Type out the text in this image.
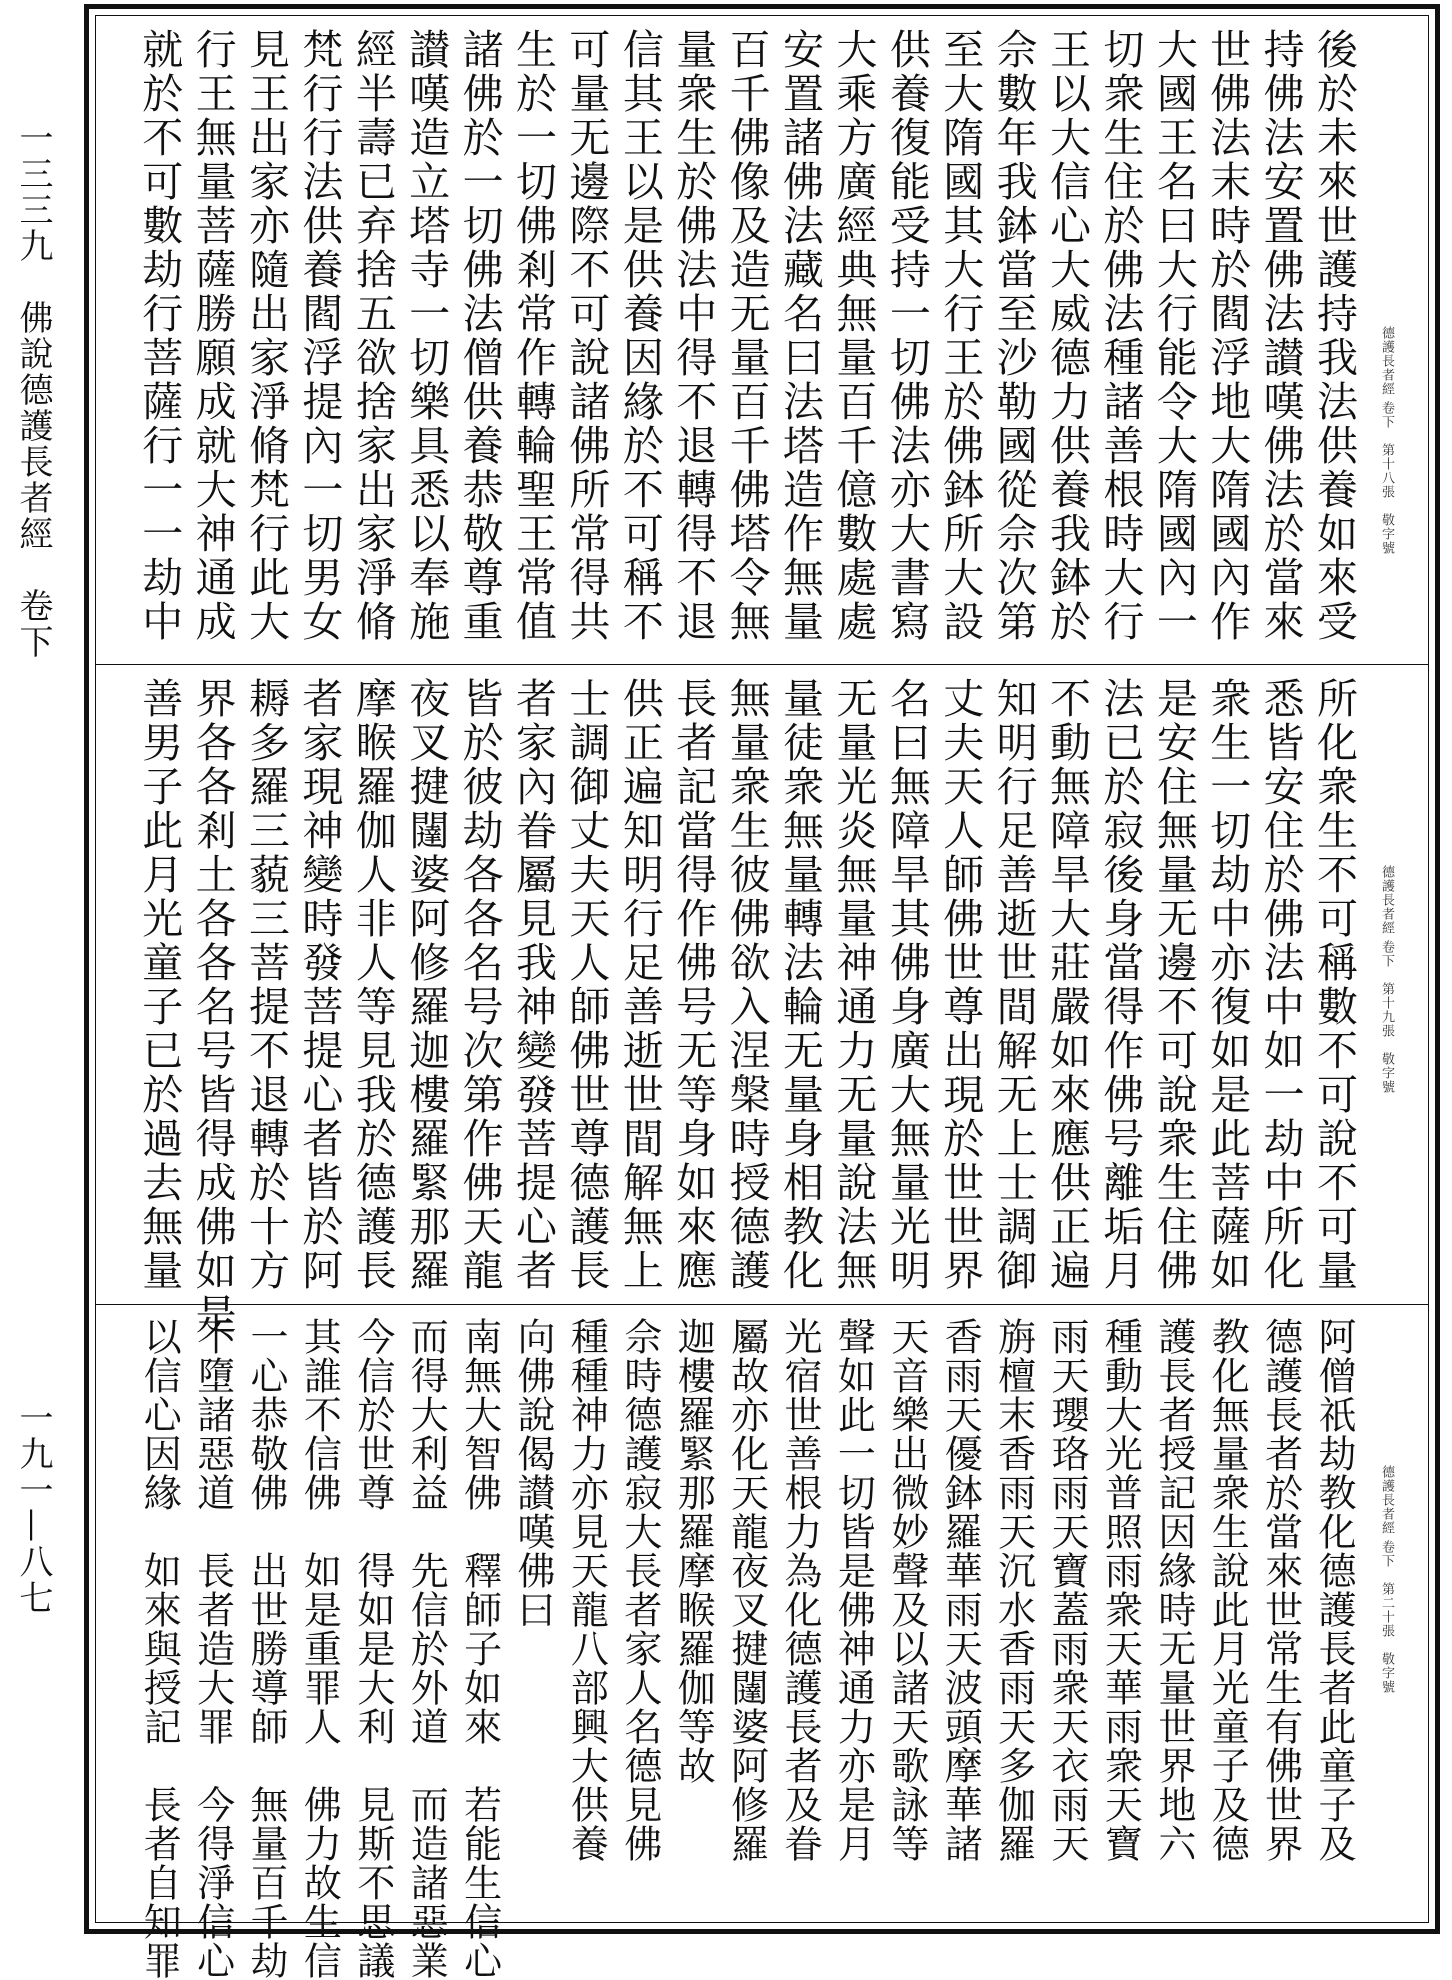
一三三九　佛說德護長者經　卷下
一九一—八七
後於未來世護持我法供養如來受
持佛法安置佛法讃嘆佛法於當來
世佛法末時於閻浮地大隋國內作
大國王名曰大行能令大隋國內一
切衆生住於佛法種諸善根時大行
王以大信心大威德力供養我鉢於
佘數年我鉢當至沙勒國從佘次第
至大隋國其大行王於佛鉢所大設
供養復能受持一切佛法亦大書寫
大乘方廣經典無量百千億數處處
安置諸佛法藏名曰法塔造作無量
百千佛像及造无量百千佛塔令無
量衆生於佛法中得不退轉得不退
信其王以是供養因緣於不可稱不
可量无邊際不可說諸佛所常得共
生於一切佛剎常作轉輪聖王常值
諸佛於一切佛法僧供養恭敬尊重
讃嘆造立塔寺一切樂具悉以奉施
經半壽已弃捨五欲捨家出家淨脩
梵行行法供養閻浮提內一切男女
見王出家亦隨出家淨脩梵行此大
行王無量菩薩勝願成就大神通成
就於不可數劫行菩薩行一一劫中	德護長者經 卷下　第十八張　敬字號
所化衆生不可稱數不可說不可量
悉皆安住於佛法中如一劫中所化
衆生一切劫中亦復如是此菩薩如
是安住無量无邊不可說衆生住佛
法已於寂後身當得作佛号離垢月
不動無障旱大莊嚴如來應供正遍
知明行足善逝世間解无上士調御
丈夫天人師佛世尊出現於世世界
名曰無障旱其佛身廣大無量光明
无量光炎無量神通力无量說法無
量徒衆無量轉法輪无量身相教化
無量衆生彼佛欲入涅槃時授德護
長者記當得作佛号无等身如來應
供正遍知明行足善逝世間解無上
士調御丈夫天人師佛世尊德護長
者家內眷屬見我神變發菩提心者
皆於彼劫各各名号次第作佛天龍
夜叉揵闥婆阿修羅迦樓羅緊那羅
摩睺羅伽人非人等見我於德護長
者家現神變時發菩提心者皆於阿
耨多羅三藐三菩提不退轉於十方
界各各剎土各各名号皆得成佛如是
善男子此月光童子已於過去無量	德護長者經 卷下　第十九張　敬字號
阿僧祇劫教化德護長者此童子及
德護長者於當來世常生有佛世界
教化無量衆生說此月光童子及德
護長者授記因緣時无量世界地六
種動大光普照雨衆天華雨衆天寶
雨天瓔珞雨天寶蓋雨衆天衣雨天
旃檀末香雨天沉水香雨天多伽羅
香雨天優鉢羅華雨天波頭摩華諸
天音樂出微妙聲及以諸天歌詠等
聲如此一切皆是佛神通力亦是月
光宿世善根力為化德護長者及眷
屬故亦化天龍夜叉揵闥婆阿修羅
迦樓羅緊那羅摩睺羅伽等故
佘時德護寂大長者家人名德見佛
種種神力亦見天龍八部興大供養
向佛說偈讃嘆佛曰
南無大智佛　釋師子如來　若能生信心
而得大利益　先信於外道　而造諸惡業
今信於世尊　得如是大利　見斯不思議
其誰不信佛　如是重罪人　佛力故生信
一心恭敬佛　出世勝導師　無量百千劫
不墮諸惡道　長者造大罪　今得淨信心
以信心因緣　如來與授記　長者自知罪	德護長者經 卷下　第二十張　敬字號
